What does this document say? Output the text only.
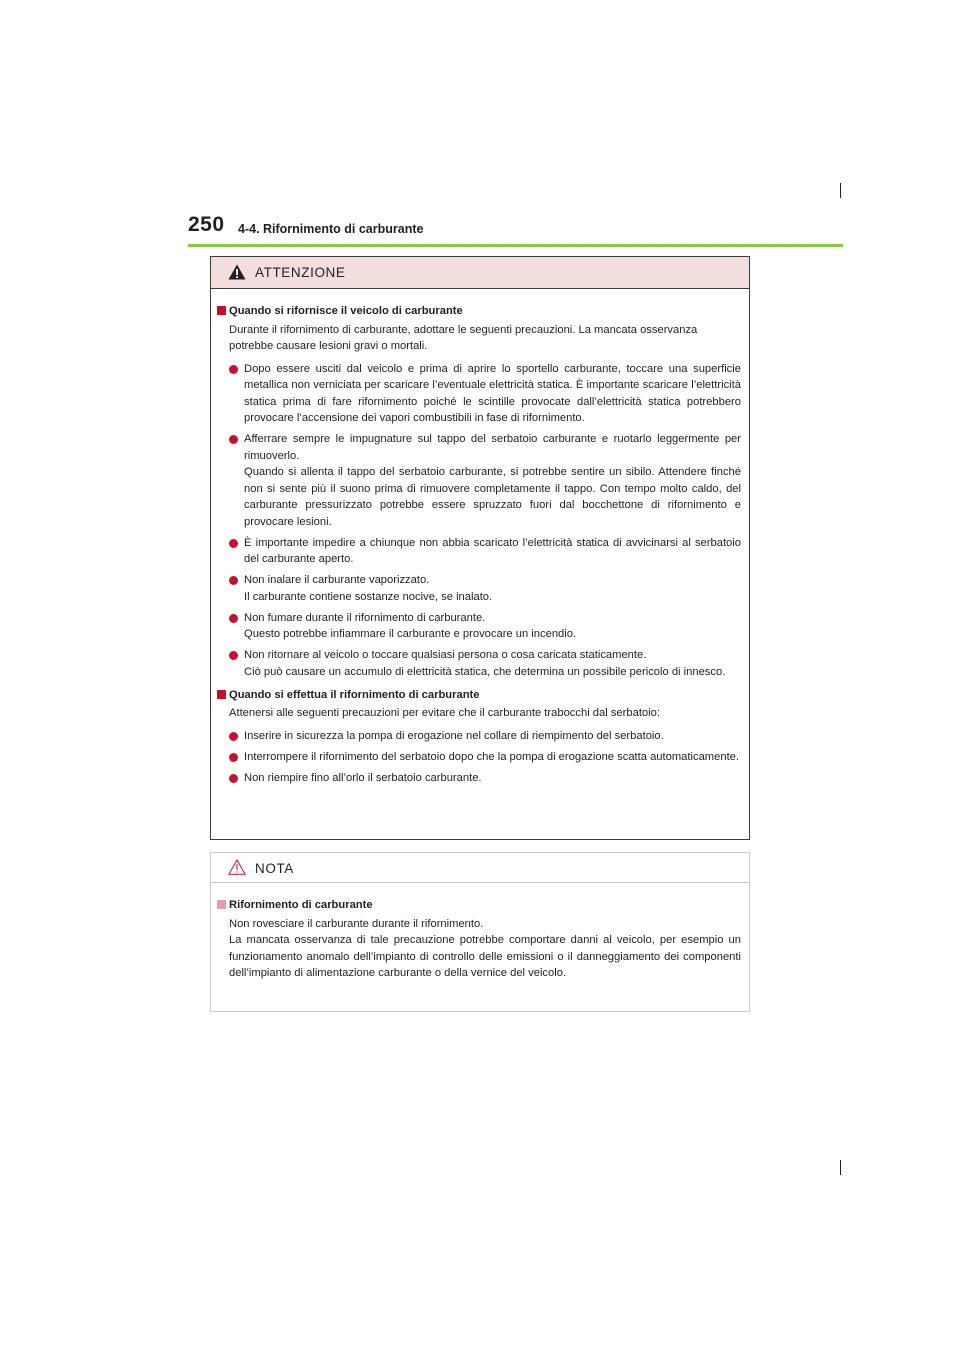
250 4-4. Rifornimento di carburante
ATTENZIONE
Quando si rifornisce il veicolo di carburante
Durante il rifornimento di carburante, adottare le seguenti precauzioni. La mancata osservanza potrebbe causare lesioni gravi o mortali.
Dopo essere usciti dal veicolo e prima di aprire lo sportello carburante, toccare una superficie metallica non verniciata per scaricare l’eventuale elettricità statica. È importante scaricare l’elettricità statica prima di fare rifornimento poiché le scintille provocate dall’elettricità statica potrebbero provocare l’accensione dei vapori combustibili in fase di rifornimento.
Afferrare sempre le impugnature sul tappo del serbatoio carburante e ruotarlo leggermente per rimuoverlo.
Quando si allenta il tappo del serbatoio carburante, si potrebbe sentire un sibilo. Attendere finché non si sente più il suono prima di rimuovere completamente il tappo. Con tempo molto caldo, del carburante pressurizzato potrebbe essere spruzzato fuori dal bocchettone di rifornimento e provocare lesioni.
È importante impedire a chiunque non abbia scaricato l’elettricità statica di avvicinarsi al serbatoio del carburante aperto.
Non inalare il carburante vaporizzato.
Il carburante contiene sostanze nocive, se inalato.
Non fumare durante il rifornimento di carburante.
Questo potrebbe infiammare il carburante e provocare un incendio.
Non ritornare al veicolo o toccare qualsiasi persona o cosa caricata staticamente.
Ciò può causare un accumulo di elettricità statica, che determina un possibile pericolo di innesco.
Quando si effettua il rifornimento di carburante
Attenersi alle seguenti precauzioni per evitare che il carburante trabocchi dal serbatoio:
Inserire in sicurezza la pompa di erogazione nel collare di riempimento del serbatoio.
Interrompere il rifornimento del serbatoio dopo che la pompa di erogazione scatta automaticamente.
Non riempire fino all’orlo il serbatoio carburante.
NOTA
Rifornimento di carburante
Non rovesciare il carburante durante il rifornimento.
La mancata osservanza di tale precauzione potrebbe comportare danni al veicolo, per esempio un funzionamento anomalo dell’impianto di controllo delle emissioni o il danneggiamento dei componenti dell’impianto di alimentazione carburante o della vernice del veicolo.
